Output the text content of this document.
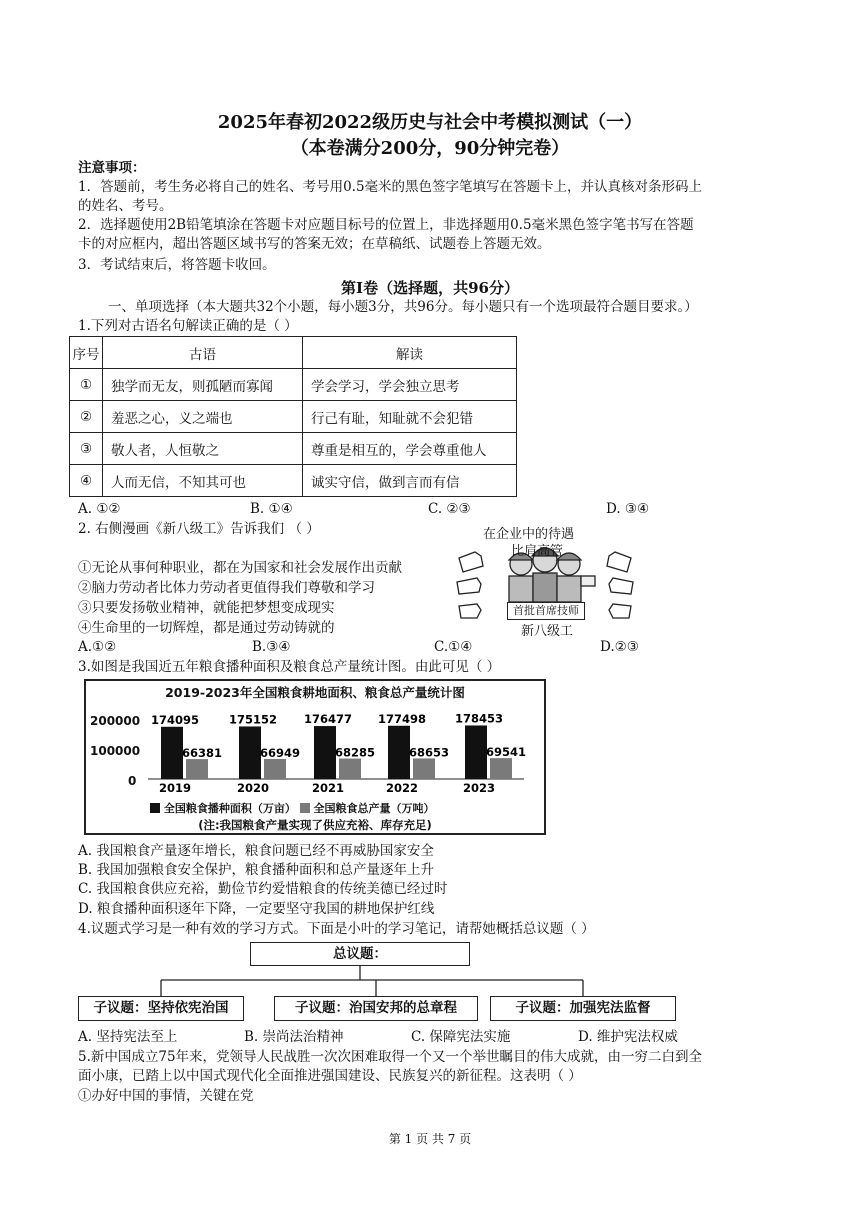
2025年春初2022级历史与社会中考模拟测试（一）
（本卷满分200分，90分钟完卷）
注意事项：
1．答题前，考生务必将自己的姓名、考号用0.5毫米的黑色签字笔填写在答题卡上，并认真核对条形码上
的姓名、考号。
2．选择题使用2B铅笔填涂在答题卡对应题目标号的位置上，非选择题用0.5毫米黑色签字笔书写在答题
卡的对应框内，超出答题区域书写的答案无效；在草稿纸、试题卷上答题无效。
3．考试结束后，将答题卡收回。
第Ⅰ卷（选择题，共96分）
一、单项选择（本大题共32个小题，每小题3分，共96分。每小题只有一个选项最符合题目要求。）
1.下列对古语名句解读正确的是（ ）
序号	古语	解读
①	独学而无友，则孤陋而寡闻	学会学习，学会独立思考
②	羞恶之心，义之端也	行己有耻，知耻就不会犯错
③	敬人者，人恒敬之	尊重是相互的，学会尊重他人
④	人而无信，不知其可也	诚实守信，做到言而有信
A. ①②	B. ①④	C. ②③	D. ③④
2. 右侧漫画《新八级工》告诉我们 （ ）
①无论从事何种职业，都在为国家和社会发展作出贡献
②脑力劳动者比体力劳动者更值得我们尊敬和学习
③只要发扬敬业精神，就能把梦想变成现实
④生命里的一切辉煌，都是通过劳动铸就的
A.①②	B.③④	C.①④	D.②③
在企业中的待遇
比肩高管
首批首席技师
新八级工
3.如图是我国近五年粮食播种面积及粮食总产量统计图。由此可见（ ）
2019-2023年全国粮食耕地面积、粮食总产量统计图
200000
100000
0
174095
66381
2019
175152
66949
2020
176477
68285
2021
177498
68653
2022
178453
69541
2023
全国粮食播种面积（万亩） 全国粮食总产量（万吨）
(注:我国粮食产量实现了供应充裕、库存充足)
A. 我国粮食产量逐年增长，粮食问题已经不再威胁国家安全
B. 我国加强粮食安全保护，粮食播种面积和总产量逐年上升
C. 我国粮食供应充裕，勤俭节约爱惜粮食的传统美德已经过时
D. 粮食播种面积逐年下降，一定要坚守我国的耕地保护红线
4.议题式学习是一种有效的学习方式。下面是小叶的学习笔记，请帮她概括总议题（ ）
总议题：
子议题：坚持依宪治国	子议题：治国安邦的总章程	子议题：加强宪法监督
A. 坚持宪法至上	B. 崇尚法治精神	C. 保障宪法实施	D. 维护宪法权威
5.新中国成立75年来，党领导人民战胜一次次困难取得一个又一个举世瞩目的伟大成就，由一穷二白到全
面小康，已踏上以中国式现代化全面推进强国建设、民族复兴的新征程。这表明（ ）
①办好中国的事情，关键在党
第 1 页 共 7 页
